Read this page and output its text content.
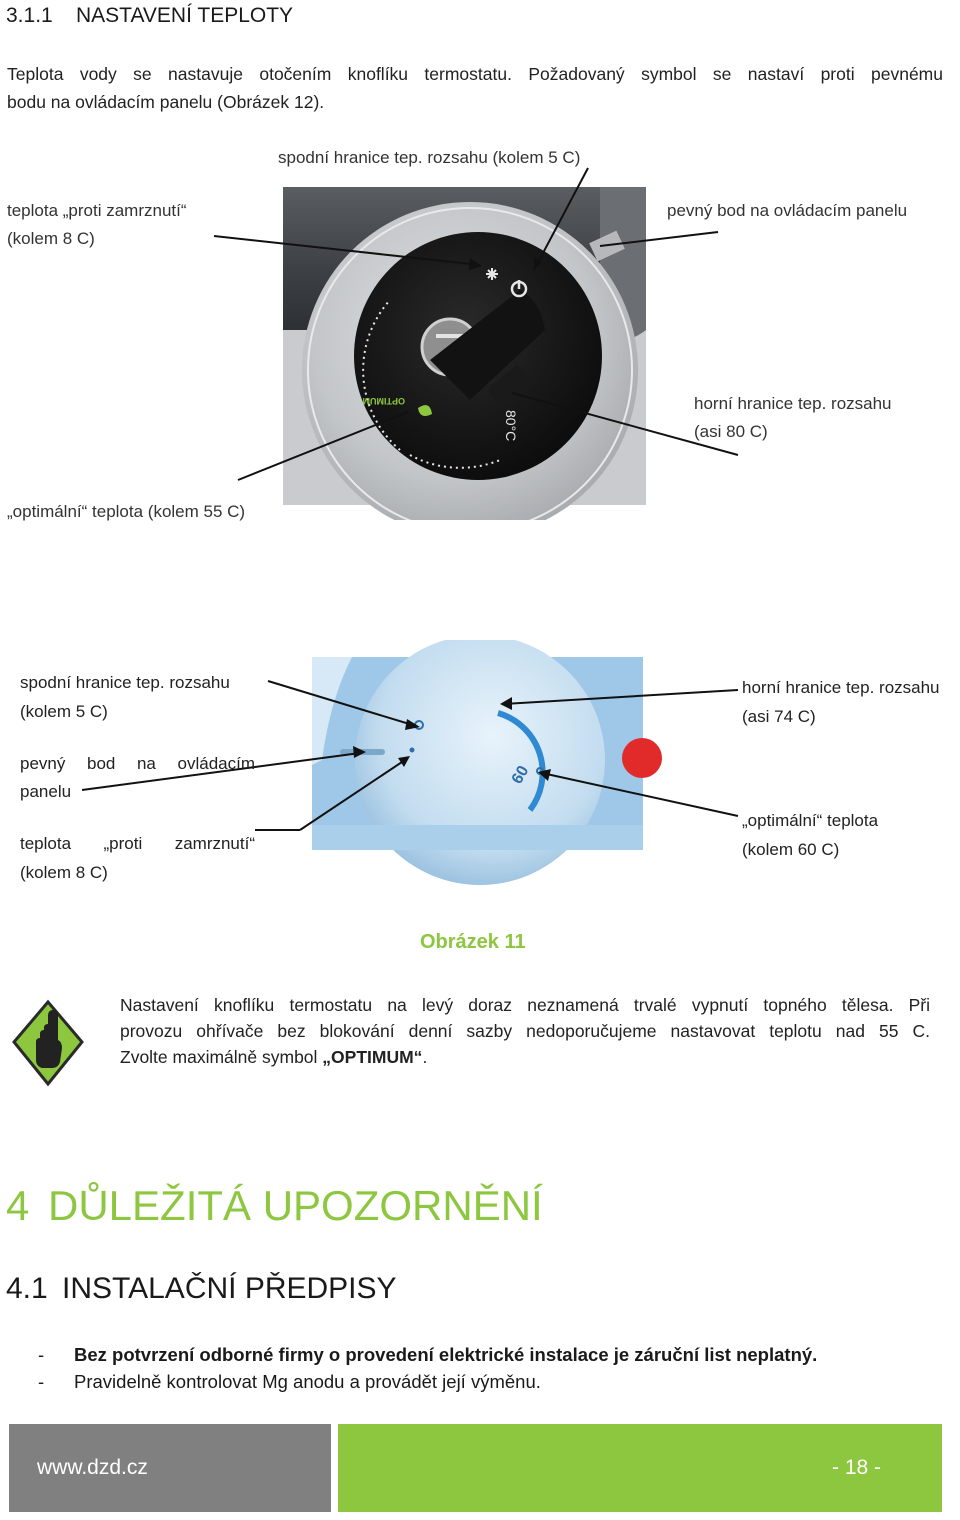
3.1.1 NASTAVENÍ TEPLOTY
Teplota vody se nastavuje otočením knoflíku termostatu. Požadovaný symbol se nastaví proti pevnému
bodu na ovládacím panelu (Obrázek 12).
80°C
OPTIMUM
spodní hranice tep. rozsahu (kolem 5 C)
teplota „proti zamrznutí“
(kolem 8 C)
pevný bod na ovládacím panelu
horní hranice tep. rozsahu
(asi 80 C)
„optimální“ teplota (kolem 55 C)
60
spodní hranice tep. rozsahu
(kolem 5 C)
pevný bod na ovládacím
panelu
teplota „proti zamrznutí“
(kolem 8 C)
horní hranice tep. rozsahu
(asi 74 C)
„optimální“ teplota
(kolem 60 C)
Obrázek 11
Nastavení knoflíku termostatu na levý doraz neznamená trvalé vypnutí topného tělesa. Při
provozu ohřívače bez blokování denní sazby nedoporučujeme nastavovat teplotu nad 55 C.
Zvolte maximálně symbol „OPTIMUM“.
4 DŮLEŽITÁ UPOZORNĚNÍ
4.1 INSTALAČNÍ PŘEDPISY
- Bez potvrzení odborné firmy o provedení elektrické instalace je záruční list neplatný.
- Pravidelně kontrolovat Mg anodu a provádět její výměnu.
www.dzd.cz	- 18 -
